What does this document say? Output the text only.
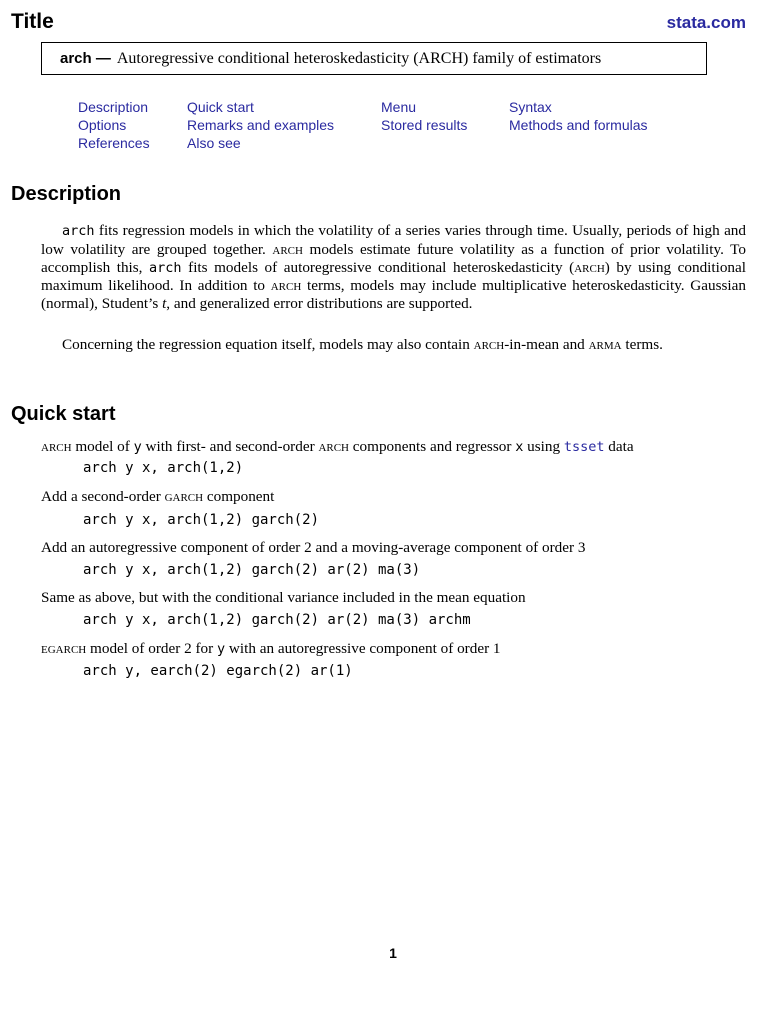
Title	stata.com
arch — Autoregressive conditional heteroskedasticity (ARCH) family of estimators
Description	Quick start	Menu	Syntax
Options	Remarks and examples	Stored results	Methods and formulas
References	Also see
Description

arch fits regression models in which the volatility of a series varies through time. Usually, periods of high and low volatility are grouped together. arch models estimate future volatility as a function of prior volatility. To accomplish this, arch fits models of autoregressive conditional heteroskedasticity (arch) by using conditional maximum likelihood. In addition to arch terms, models may include multiplicative heteroskedasticity. Gaussian (normal), Student’s t, and generalized error distributions are supported.

Concerning the regression equation itself, models may also contain arch-in-mean and arma terms.

Quick start
arch model of y with first- and second-order arch components and regressor x using tsset data
arch y x, arch(1,2)
Add a second-order garch component
arch y x, arch(1,2) garch(2)
Add an autoregressive component of order 2 and a moving-average component of order 3
arch y x, arch(1,2) garch(2) ar(2) ma(3)
Same as above, but with the conditional variance included in the mean equation
arch y x, arch(1,2) garch(2) ar(2) ma(3) archm
egarch model of order 2 for y with an autoregressive component of order 1
arch y, earch(2) egarch(2) ar(1)
1
